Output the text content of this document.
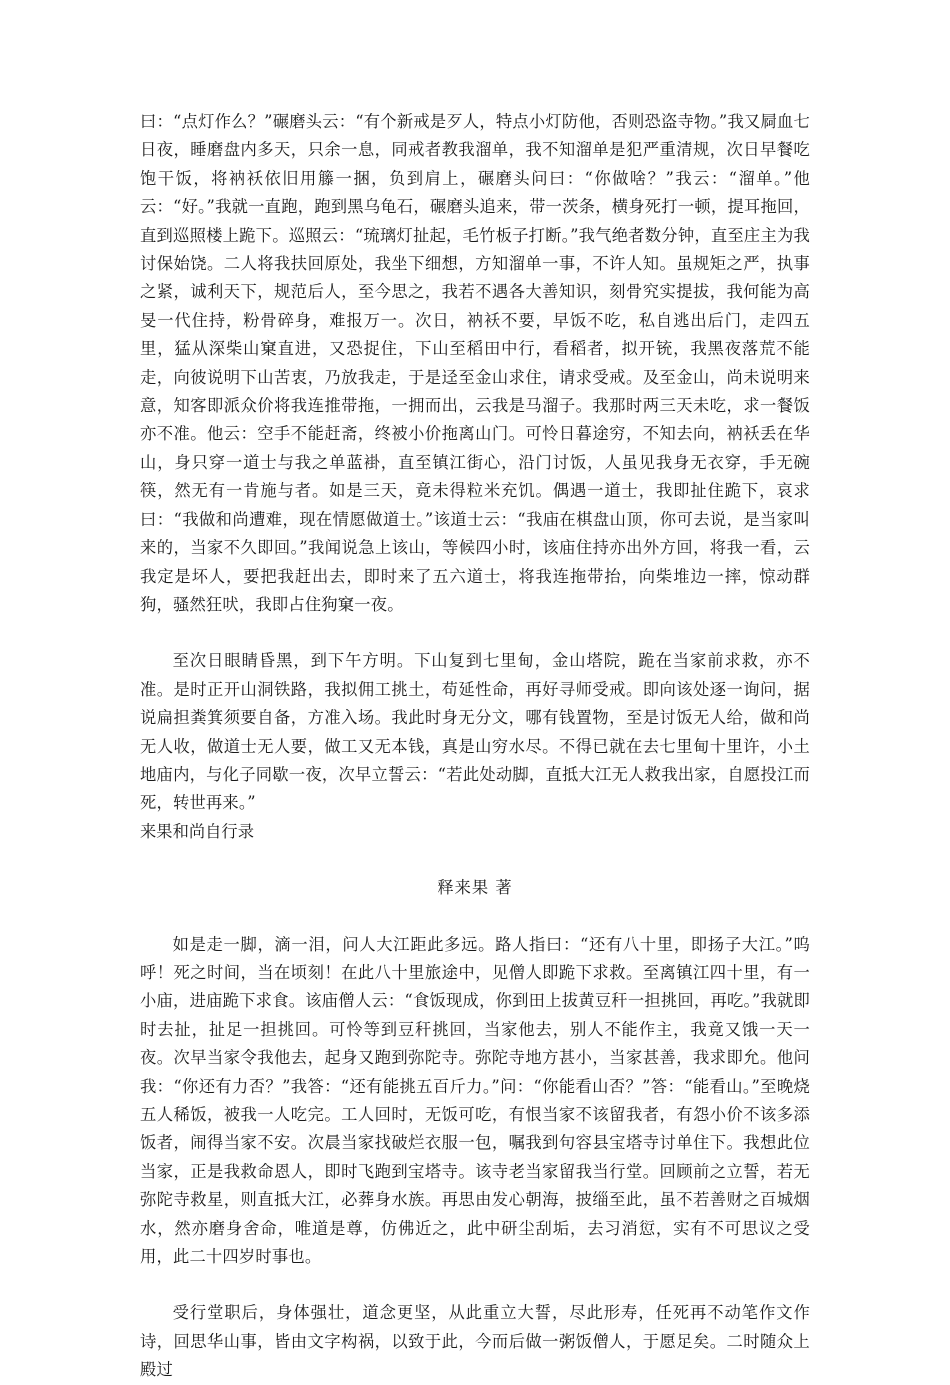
曰：“点灯作么？”碾磨头云：“有个新戒是歹人，特点小灯防他，否则恐盗寺物。”我又屙血七日夜，睡磨盘内多天，只余一息，同戒者教我溜单，我不知溜单是犯严重清规，次日早餐吃饱干饭，将衲袄依旧用籐一捆，负到肩上，碾磨头问曰：“你做啥？”我云：“溜单。”他云：“好。”我就一直跑，跑到黑乌龟石，碾磨头追来，带一茨条，横身死打一顿，提耳拖回，直到巡照楼上跪下。巡照云：“琉璃灯扯起，毛竹板子打断。”我气绝者数分钟，直至庄主为我讨保始饶。二人将我扶回原处，我坐下细想，方知溜单一事，不许人知。虽规矩之严，执事之紧，诚利天下，规范后人，至今思之，我若不遇各大善知识，刻骨究实提拔，我何能为高旻一代住持，粉骨碎身，难报万一。次日，衲袄不要，早饭不吃，私自逃出后门，走四五里，猛从深柴山窠直进，又恐捉住，下山至稻田中行，看稻者，拟开铳，我黑夜落荒不能走，向彼说明下山苦衷，乃放我走，于是迳至金山求住，请求受戒。及至金山，尚未说明来意，知客即派众价将我连推带拖，一拥而出，云我是马溜子。我那时两三天未吃，求一餐饭亦不准。他云：空手不能赶斋，终被小价拖离山门。可怜日暮途穷，不知去向，衲袄丢在华山，身只穿一道士与我之单蓝褂，直至镇江街心，沿门讨饭，人虽见我身无衣穿，手无碗筷，然无有一肯施与者。如是三天，竟未得粒米充饥。偶遇一道士，我即扯住跪下，哀求曰：“我做和尚遭难，现在情愿做道士。”该道士云：“我庙在棋盘山顶，你可去说，是当家叫来的，当家不久即回。”我闻说急上该山，等候四小时，该庙住持亦出外方回，将我一看，云我定是坏人，要把我赶出去，即时来了五六道士，将我连拖带抬，向柴堆边一摔，惊动群狗，骚然狂吠，我即占住狗窠一夜。

至次日眼睛昏黑，到下午方明。下山复到七里甸，金山塔院，跪在当家前求救，亦不准。是时正开山洞铁路，我拟佣工挑土，苟延性命，再好寻师受戒。即向该处逐一询问，据说扁担粪箕须要自备，方准入场。我此时身无分文，哪有钱置物，至是讨饭无人给，做和尚无人收，做道士无人要，做工又无本钱，真是山穷水尽。不得已就在去七里甸十里许，小土地庙内，与化子同歇一夜，次早立誓云：“若此处动脚，直抵大江无人救我出家，自愿投江而死，转世再来。”

来果和尚自行录

释来果 著

如是走一脚，滴一泪，问人大江距此多远。路人指曰：“还有八十里，即扬子大江。”呜呼！死之时间，当在顷刻！在此八十里旅途中，见僧人即跪下求救。至离镇江四十里，有一小庙，进庙跪下求食。该庙僧人云：“食饭现成，你到田上拔黄豆秆一担挑回，再吃。”我就即时去扯，扯足一担挑回。可怜等到豆秆挑回，当家他去，别人不能作主，我竟又饿一天一夜。次早当家令我他去，起身又跑到弥陀寺。弥陀寺地方甚小，当家甚善，我求即允。他问我：“你还有力否？”我答：“还有能挑五百斤力。”问：“你能看山否？”答：“能看山。”至晚烧五人稀饭，被我一人吃完。工人回时，无饭可吃，有恨当家不该留我者，有怨小价不该多添饭者，闹得当家不安。次晨当家找破烂衣服一包，嘱我到句容县宝塔寺讨单住下。我想此位当家，正是我救命恩人，即时飞跑到宝塔寺。该寺老当家留我当行堂。回顾前之立誓，若无弥陀寺救星，则直抵大江，必葬身水族。再思由发心朝海，披缁至此，虽不若善财之百城烟水，然亦磨身舍命，唯道是尊，仿佛近之，此中研尘刮垢，去习消愆，实有不可思议之受用，此二十四岁时事也。

受行堂职后，身体强壮，道念更坚，从此重立大誓，尽此形寿，任死再不动笔作文作诗，回思华山事，皆由文字构祸，以致于此，今而后做一粥饭僧人，于愿足矣。二时随众上殿过
